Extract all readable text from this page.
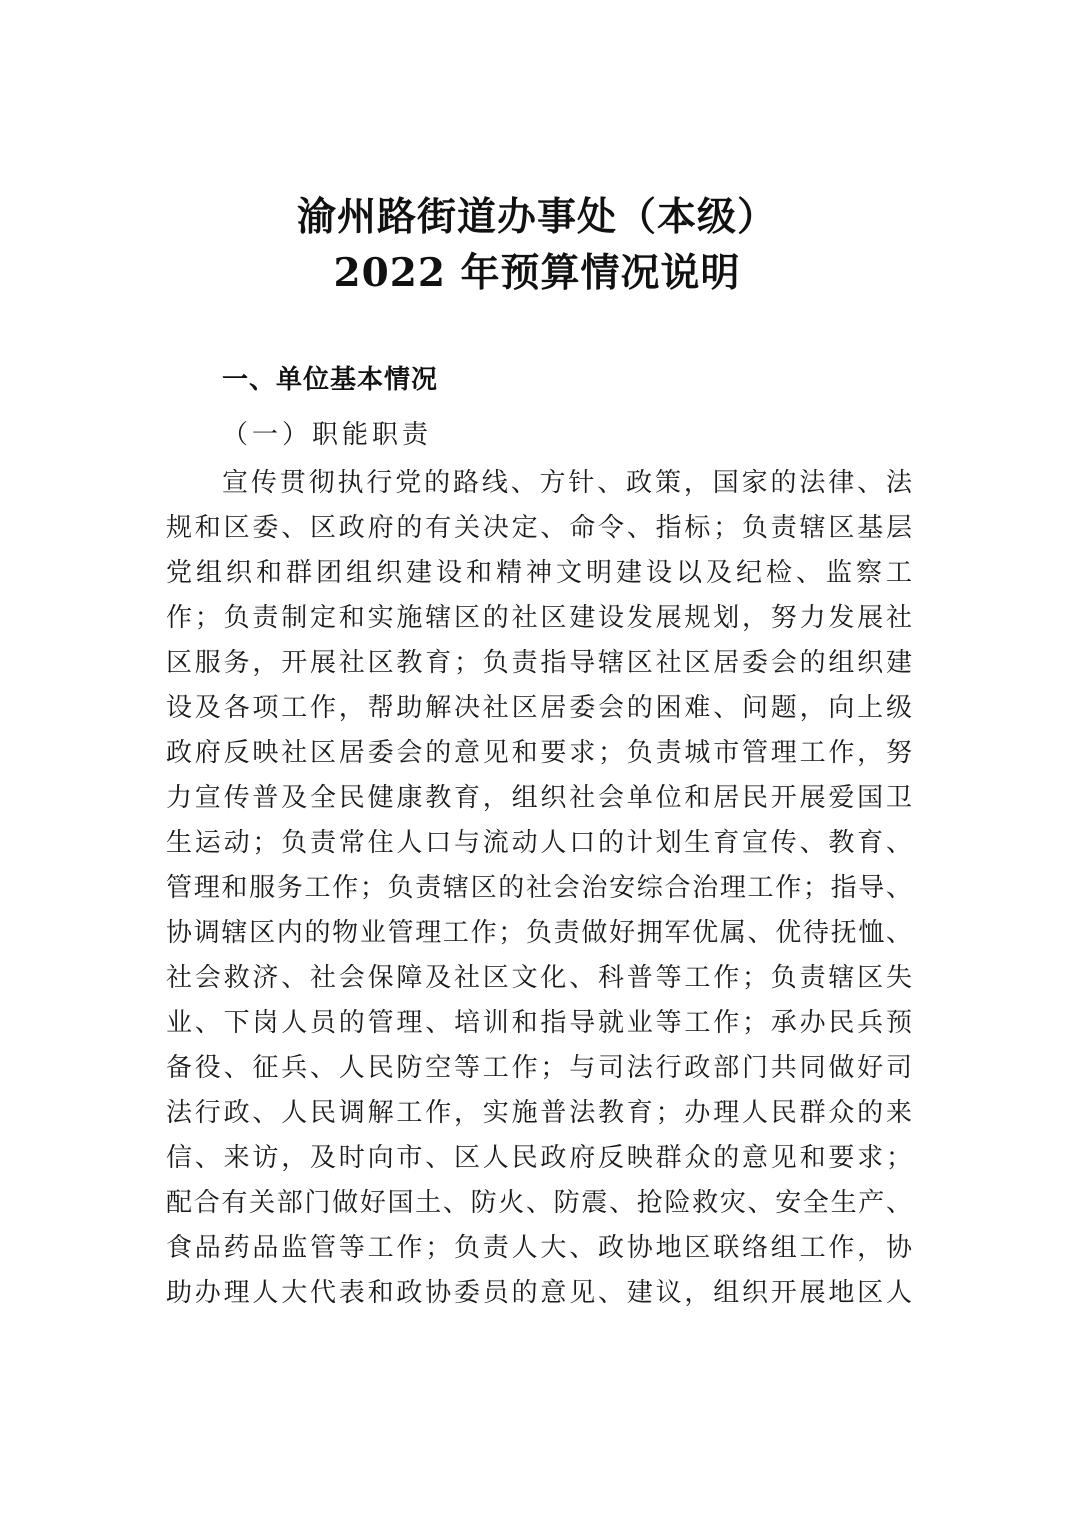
渝州路街道办事处（本级）
2022 年预算情况说明
一、单位基本情况
（一）职能职责
宣传贯彻执行党的路线、方针、政策，国家的法律、法
规和区委、区政府的有关决定、命令、指标；负责辖区基层
党组织和群团组织建设和精神文明建设以及纪检、监察工
作；负责制定和实施辖区的社区建设发展规划，努力发展社
区服务，开展社区教育；负责指导辖区社区居委会的组织建
设及各项工作，帮助解决社区居委会的困难、问题，向上级
政府反映社区居委会的意见和要求；负责城市管理工作，努
力宣传普及全民健康教育，组织社会单位和居民开展爱国卫
生运动；负责常住人口与流动人口的计划生育宣传、教育、
管理和服务工作；负责辖区的社会治安综合治理工作；指导、
协调辖区内的物业管理工作；负责做好拥军优属、优待抚恤、
社会救济、社会保障及社区文化、科普等工作；负责辖区失
业、下岗人员的管理、培训和指导就业等工作；承办民兵预
备役、征兵、人民防空等工作；与司法行政部门共同做好司
法行政、人民调解工作，实施普法教育；办理人民群众的来
信、来访，及时向市、区人民政府反映群众的意见和要求；
配合有关部门做好国土、防火、防震、抢险救灾、安全生产、
食品药品监管等工作；负责人大、政协地区联络组工作，协
助办理人大代表和政协委员的意见、建议，组织开展地区人
